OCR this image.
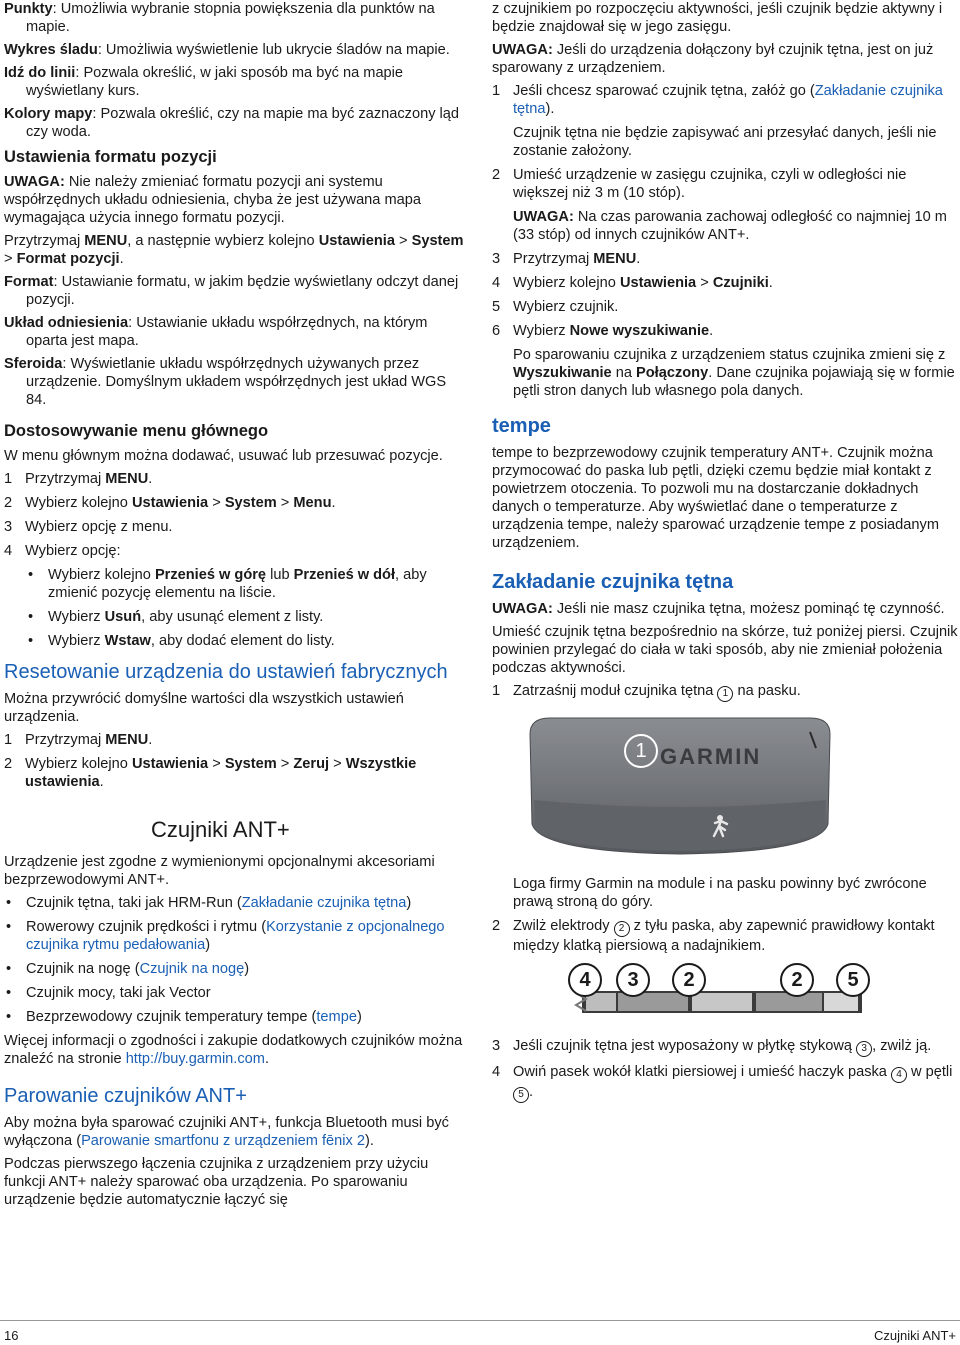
Punkty: Umożliwia wybranie stopnia powiększenia dla punktów na mapie.

Wykres śladu: Umożliwia wyświetlenie lub ukrycie śladów na mapie.

Idź do linii: Pozwala określić, w jaki sposób ma być na mapie wyświetlany kurs.

Kolory mapy: Pozwala określić, czy na mapie ma być zaznaczony ląd czy woda.

Ustawienia formatu pozycji

UWAGA: Nie należy zmieniać formatu pozycji ani systemu współrzędnych układu odniesienia, chyba że jest używana mapa wymagająca użycia innego formatu pozycji.

Przytrzymaj MENU, a następnie wybierz kolejno Ustawienia > System > Format pozycji.

Format: Ustawianie formatu, w jakim będzie wyświetlany odczyt danej pozycji.

Układ odniesienia: Ustawianie układu współrzędnych, na którym oparta jest mapa.

Sferoida: Wyświetlanie układu współrzędnych używanych przez urządzenie. Domyślnym układem współrzędnych jest układ WGS 84.

Dostosowywanie menu głównego

W menu głównym można dodawać, usuwać lub przesuwać pozycje.

1 Przytrzymaj MENU.
2 Wybierz kolejno Ustawienia > System > Menu.
3 Wybierz opcję z menu.
4 Wybierz opcję:
• Wybierz kolejno Przenieś w górę lub Przenieś w dół, aby zmienić pozycję elementu na liście.
• Wybierz Usuń, aby usunąć element z listy.
• Wybierz Wstaw, aby dodać element do listy.
Resetowanie urządzenia do ustawień fabrycznych

Można przywrócić domyślne wartości dla wszystkich ustawień urządzenia.

1 Przytrzymaj MENU.
2 Wybierz kolejno Ustawienia > System > Zeruj > Wszystkie ustawienia.
Czujniki ANT+

Urządzenie jest zgodne z wymienionymi opcjonalnymi akcesoriami bezprzewodowymi ANT+.

• Czujnik tętna, taki jak HRM-Run (Zakładanie czujnika tętna)
• Rowerowy czujnik prędkości i rytmu (Korzystanie z opcjonalnego czujnika rytmu pedałowania)
• Czujnik na nogę (Czujnik na nogę)
• Czujnik mocy, taki jak Vector
• Bezprzewodowy czujnik temperatury tempe (tempe)

Więcej informacji o zgodności i zakupie dodatkowych czujników można znaleźć na stronie http://buy.garmin.com.

Parowanie czujników ANT+

Aby można była sparować czujniki ANT+, funkcja Bluetooth musi być wyłączona (Parowanie smartfonu z urządzeniem fēnix 2).

Podczas pierwszego łączenia czujnika z urządzeniem przy użyciu funkcji ANT+ należy sparować oba urządzenia. Po sparowaniu urządzenie będzie automatycznie łączyć się

z czujnikiem po rozpoczęciu aktywności, jeśli czujnik będzie aktywny i będzie znajdował się w jego zasięgu.

UWAGA: Jeśli do urządzenia dołączony był czujnik tętna, jest on już sparowany z urządzeniem.

1 Jeśli chcesz sparować czujnik tętna, załóż go (Zakładanie czujnika tętna).

Czujnik tętna nie będzie zapisywać ani przesyłać danych, jeśli nie zostanie założony.

2 Umieść urządzenie w zasięgu czujnika, czyli w odległości nie większej niż 3 m (10 stóp).

UWAGA: Na czas parowania zachowaj odległość co najmniej 10 m (33 stóp) od innych czujników ANT+.

3 Przytrzymaj MENU.
4 Wybierz kolejno Ustawienia > Czujniki.
5 Wybierz czujnik.
6 Wybierz Nowe wyszukiwanie.

Po sparowaniu czujnika z urządzeniem status czujnika zmieni się z Wyszukiwanie na Połączony. Dane czujnika pojawiają się w formie pętli stron danych lub własnego pola danych.

tempe

tempe to bezprzewodowy czujnik temperatury ANT+. Czujnik można przymocować do paska lub pętli, dzięki czemu będzie miał kontakt z powietrzem otoczenia. To pozwoli mu na dostarczanie dokładnych danych o temperaturze. Aby wyświetlać dane o temperaturze z urządzenia tempe, należy sparować urządzenie tempe z posiadanym urządzeniem.

Zakładanie czujnika tętna

UWAGA: Jeśli nie masz czujnika tętna, możesz pominąć tę czynność.

Umieść czujnik tętna bezpośrednio na skórze, tuż poniżej piersi. Czujnik powinien przylegać do ciała w taki sposób, aby nie zmieniał położenia podczas aktywności.

1 Zatrzaśnij moduł czujnika tętna 1 na pasku.
GARMIN
1

Loga firmy Garmin na module i na pasku powinny być zwrócone prawą stroną do góry.

2 Zwilż elektrody 2 z tyłu paska, aby zapewnić prawidłowy kontakt między klatką piersiową a nadajnikiem.
4	3	2	2	5
3 Jeśli czujnik tętna jest wyposażony w płytkę stykową 3 , zwilż ją.
4 Owiń pasek wokół klatki piersiowej i umieść haczyk paska 4 w pętli 5 .
16	Czujniki ANT+
